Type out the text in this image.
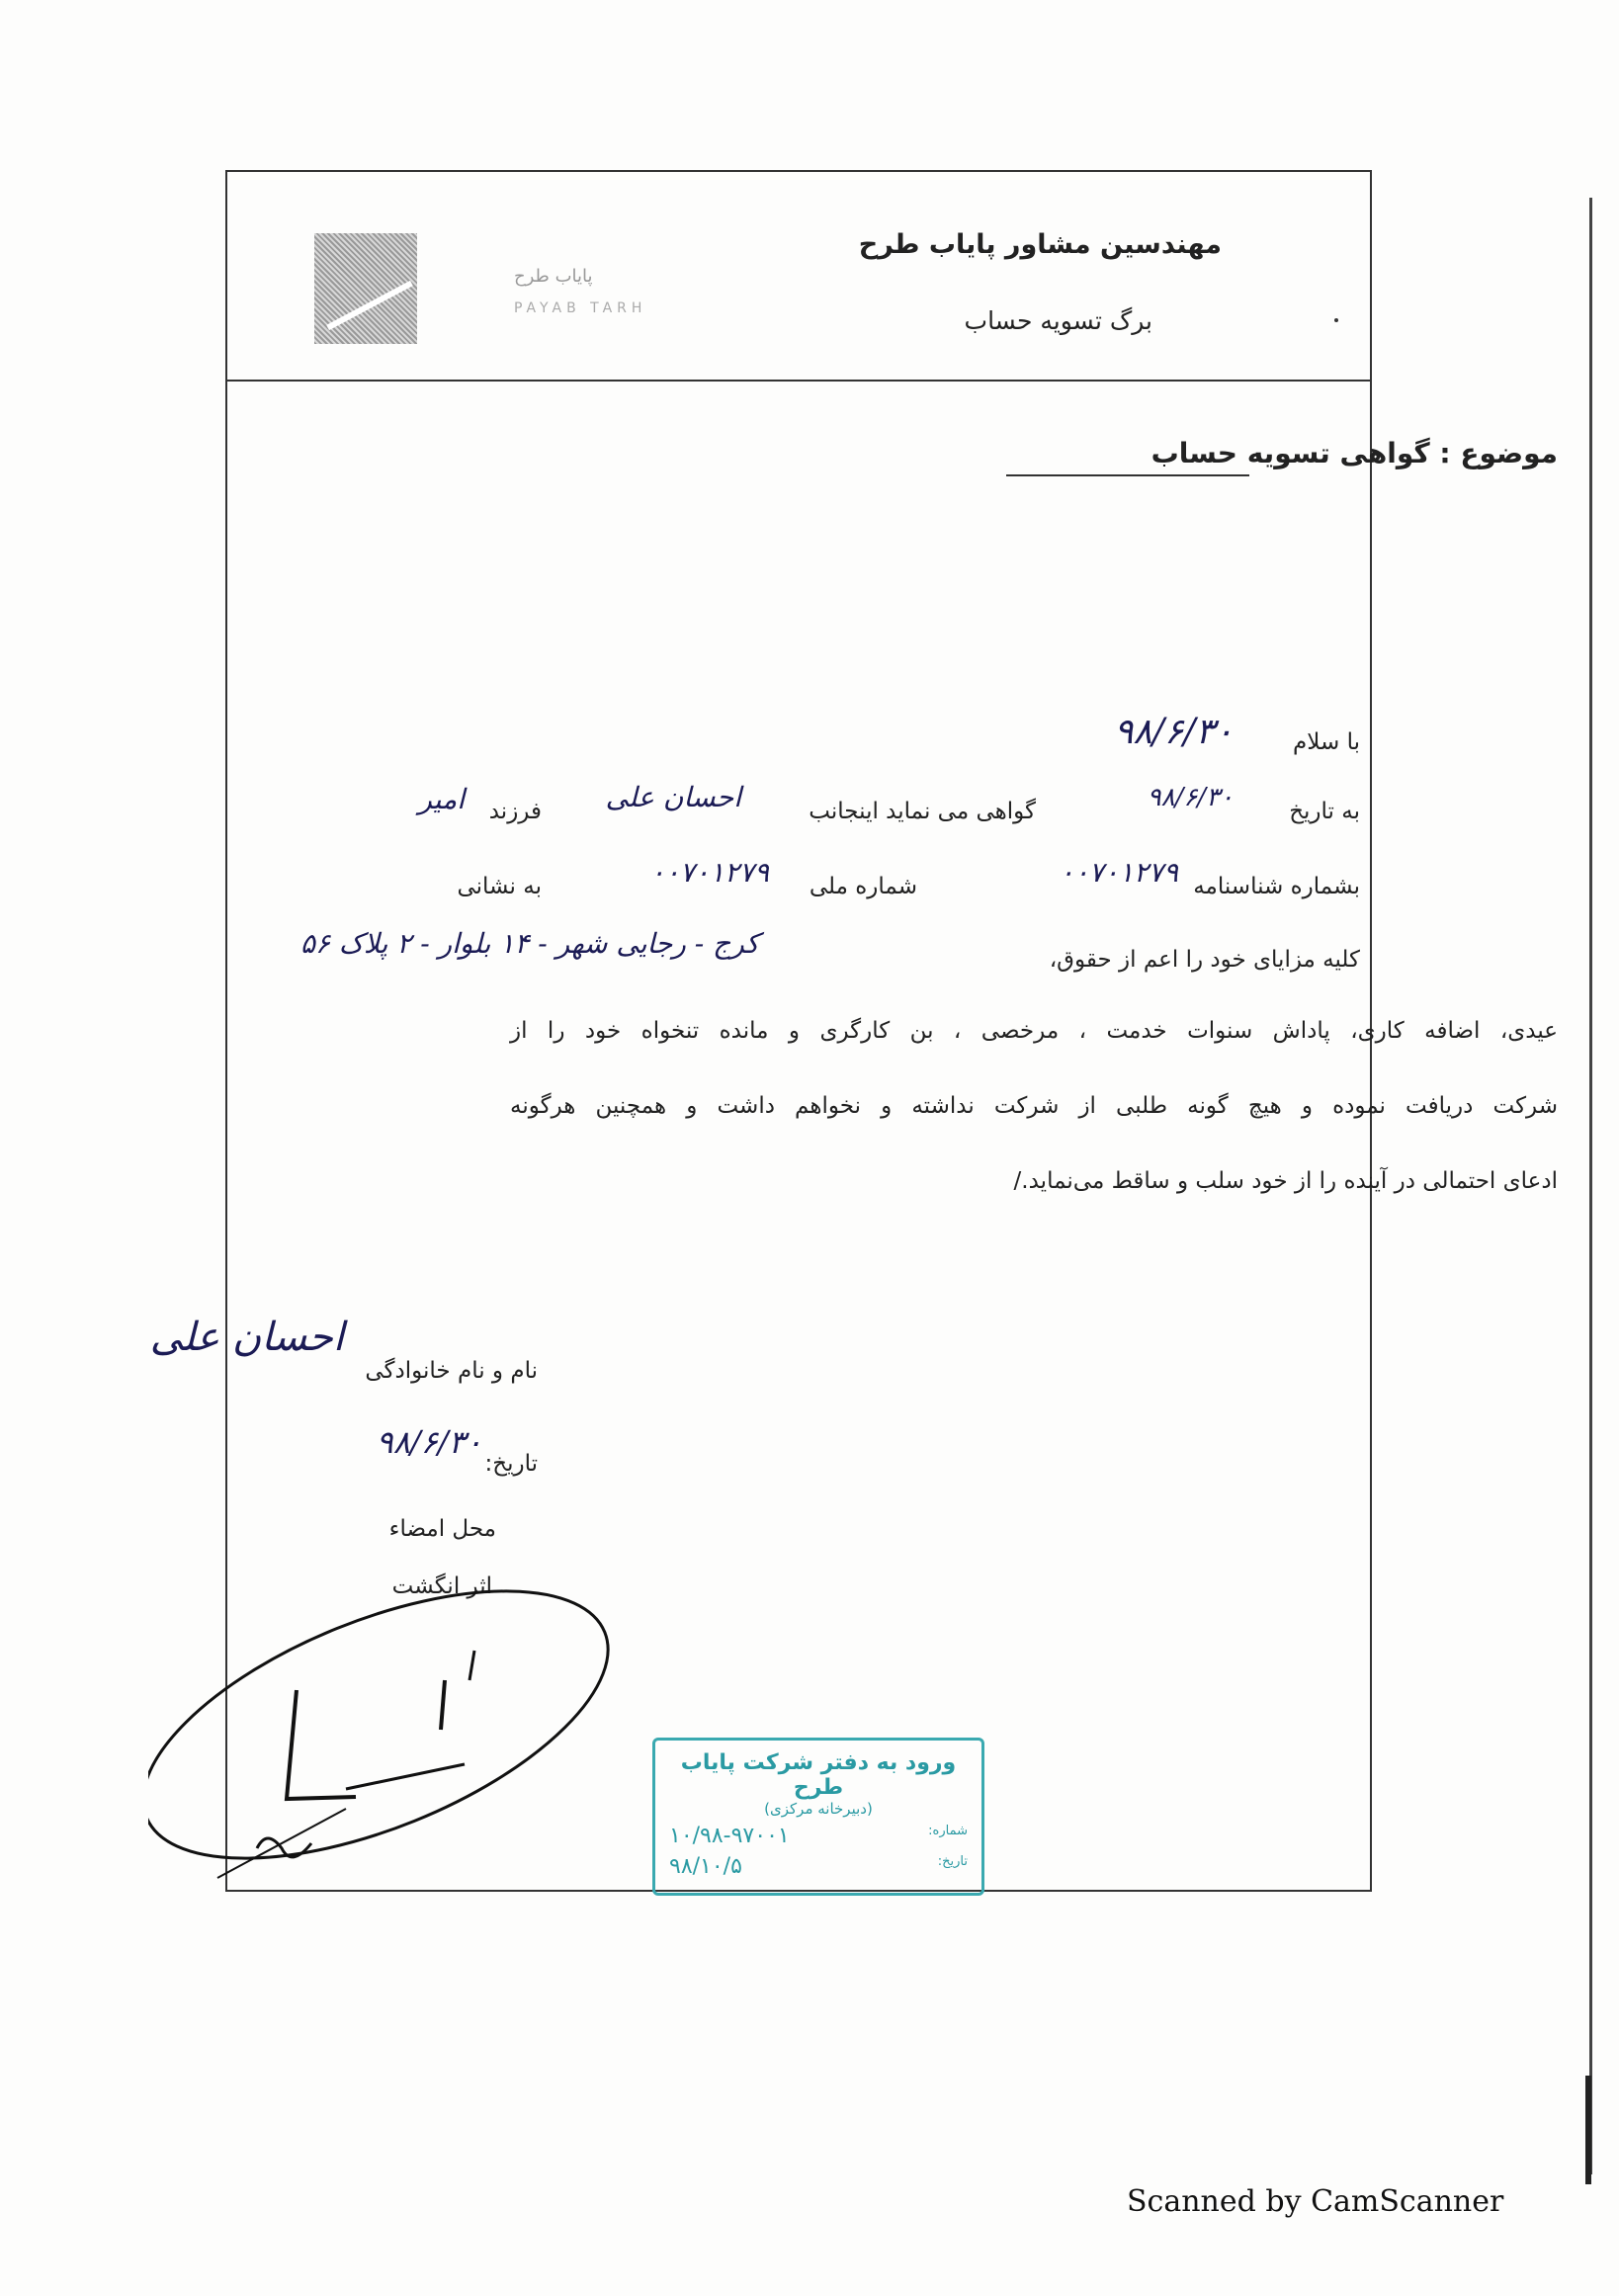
پایاب طرح
PAYAB TARH
مهندسین مشاور پایاب طرح
برگ تسویه حساب
موضوع : گواهی تسویه حساب
با سلام
۹۸/۶/۳۰
به تاریخ
۹۸/۶/۳۰
گواهی می نماید اینجانب
احسان علی
فرزند
امیر
بشماره شناسنامه
۰۰۷۰۱۲۷۹
شماره ملی
۰۰۷۰۱۲۷۹
به نشانی
کرج - رجایی شهر - ۱۴ بلوار - ۲ پلاک ۵۶	کلیه مزایای خود را اعم از حقوق،
عیدی، اضافه کاری، پاداش سنوات خدمت ، مرخصی ، بن کارگری و مانده تنخواه خود را از
شرکت دریافت نموده و هیچ گونه طلبی از شرکت نداشته و نخواهم داشت و همچنین هرگونه
ادعای احتمالی در آینده را از خود سلب و ساقط می‌نماید./
نام و نام خانوادگی
احسان علی
تاریخ:
۹۸/۶/۳۰
محل امضاء
اثر انگشت
ورود به دفتر شرکت پایاب طرح
(دبیرخانه مرکزی)
شماره:
۱۰/۹۸-۹۷۰۰۱
تاریخ:
۹۸/۱۰/۵
Scanned by CamScanner
